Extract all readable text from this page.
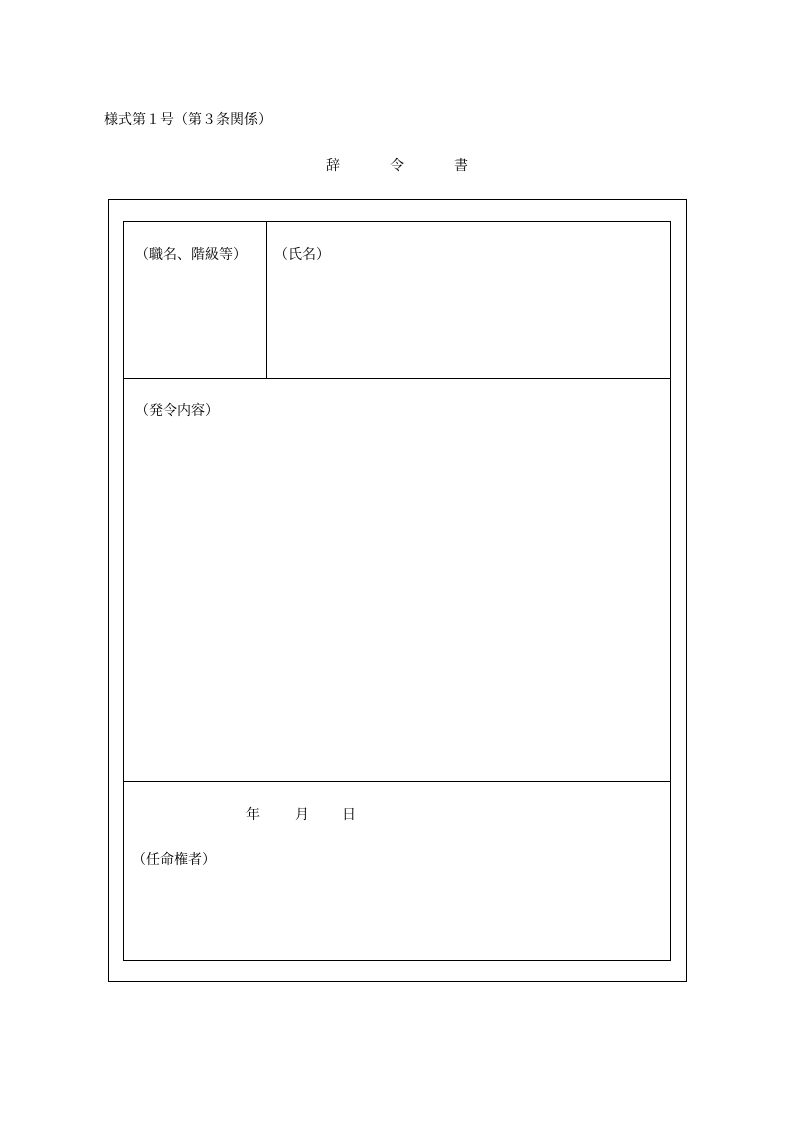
様式第１号（第３条関係）
辞	令	書
（職名、階級等） （氏名）
（発令内容）
年	月 日
（任命権者）
